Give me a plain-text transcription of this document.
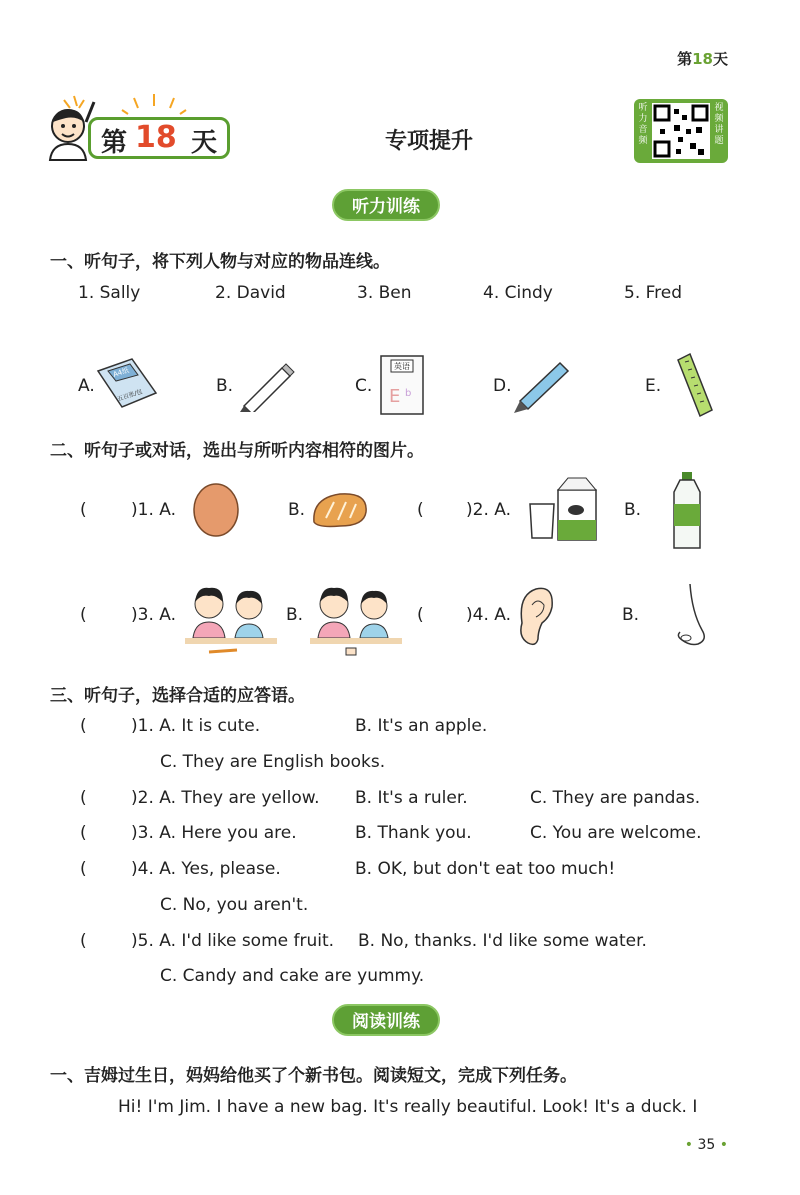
第18天
第 18 天	专项提升
听力音频
视频讲题
听力训练
一、听句子，将下列人物与对应的物品连线。
1. Sally	2. David	3. Ben	4. Cindy	5. Fred
A.
A4纸
五百张/包	B.	C.
英语
E b	D.	E.
二、听句子或对话，选出与所听内容相符的图片。
(	)1. A.	B.	( )2. A.	B.
(	)3. A.	B.	( )4. A.	B.
三、听句子，选择合适的应答语。
(	)1. A. It is cute.	B. It's an apple.
C. They are English books.
(	)2. A. They are yellow. B. It's a ruler.	C. They are pandas.
(	)3. A. Here you are.	B. Thank you.	C. You are welcome.
(	)4. A. Yes, please.	B. OK, but don't eat too much!
C. No, you aren't.
(	)5. A. I'd like some fruit. B. No, thanks. I'd like some water.
C. Candy and cake are yummy.
阅读训练
一、吉姆过生日，妈妈给他买了个新书包。阅读短文，完成下列任务。
Hi! I'm Jim. I have a new bag. It's really beautiful. Look! It's a duck. I
• 35 •
